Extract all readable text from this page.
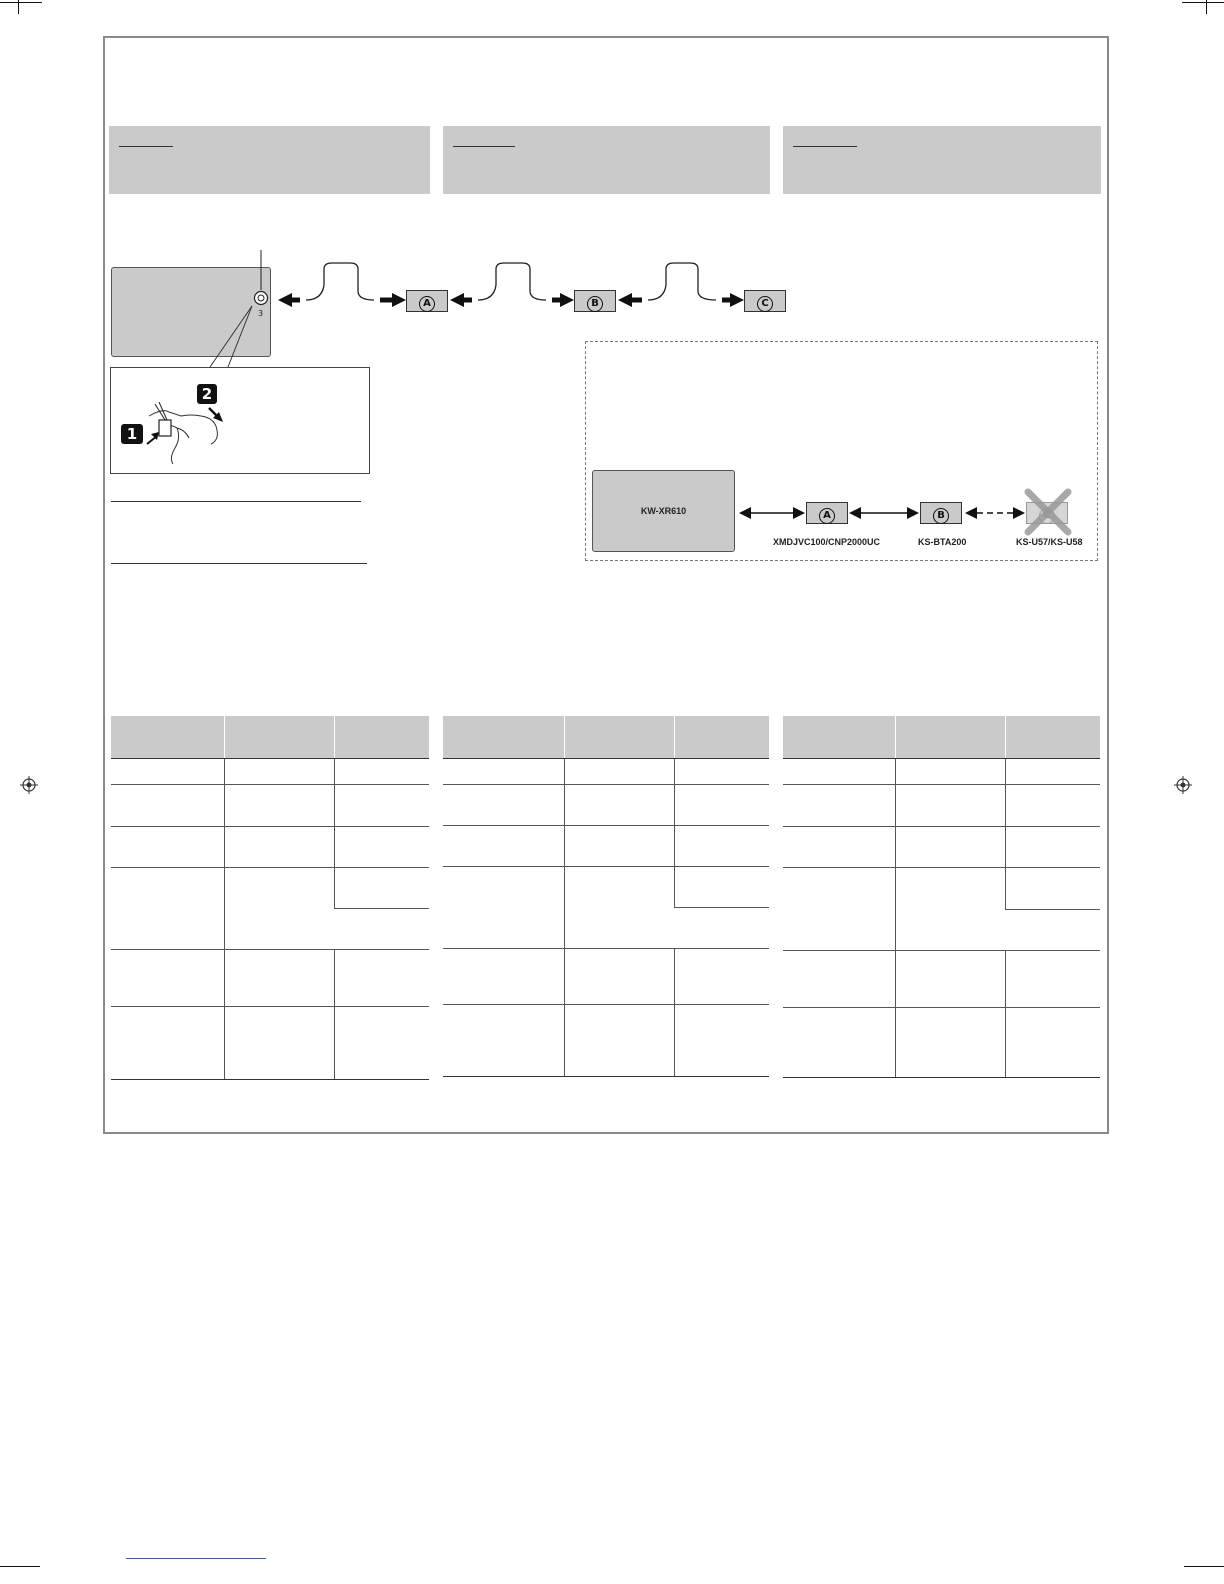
3
A	B	C
1
2
KW-XR610	A	B
XMDJVC100/CNP2000UC	KS-BTA200	KS-U57/KS-U58
